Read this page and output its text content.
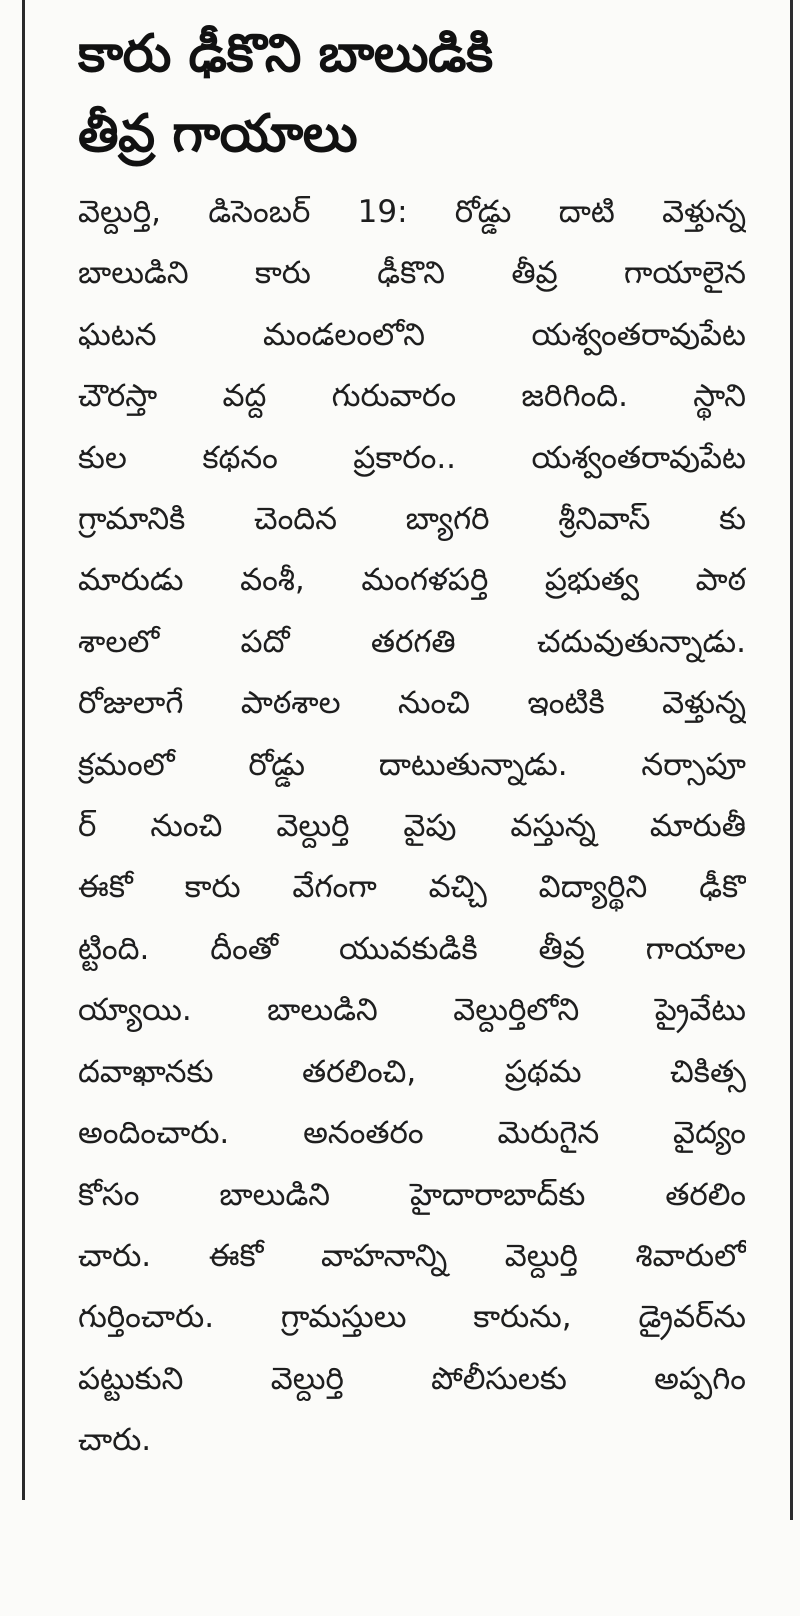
కారు ఢీకొని బాలుడికి
తీవ్ర గాయాలు
వెల్దుర్తి, డిసెంబర్ 19: రోడ్డు దాటి వెళ్తున్న
బాలుడిని కారు ఢీకొని తీవ్ర గాయాలైన
ఘటన మండలంలోని యశ్వంతరావుపేట
చౌరస్తా వద్ద గురువారం జరిగింది. స్థాని
కుల కథనం ప్రకారం.. యశ్వంతరావుపేట
గ్రామానికి చెందిన బ్యాగరి శ్రీనివాస్ కు
మారుడు వంశీ, మంగళపర్తి ప్రభుత్వ పాఠ
శాలలో పదో తరగతి చదువుతున్నాడు.
రోజులాగే పాఠశాల నుంచి ఇంటికి వెళ్తున్న
క్రమంలో రోడ్డు దాటుతున్నాడు. నర్సాపూ
ర్ నుంచి వెల్దుర్తి వైపు వస్తున్న మారుతీ
ఈకో కారు వేగంగా వచ్చి విద్యార్థిని ఢీకొ
ట్టింది. దీంతో యువకుడికి తీవ్ర గాయాల
య్యాయి. బాలుడిని వెల్దుర్తిలోని ప్రైవేటు
దవాఖానకు తరలించి, ప్రథమ చికిత్స
అందించారు. అనంతరం మెరుగైన వైద్యం
కోసం బాలుడిని హైదారాబాద్‌కు తరలిం
చారు. ఈకో వాహనాన్ని వెల్దుర్తి శివారులో
గుర్తించారు. గ్రామస్తులు కారును, డ్రైవర్‌ను
పట్టుకుని వెల్దుర్తి పోలీసులకు అప్పగిం
చారు.
